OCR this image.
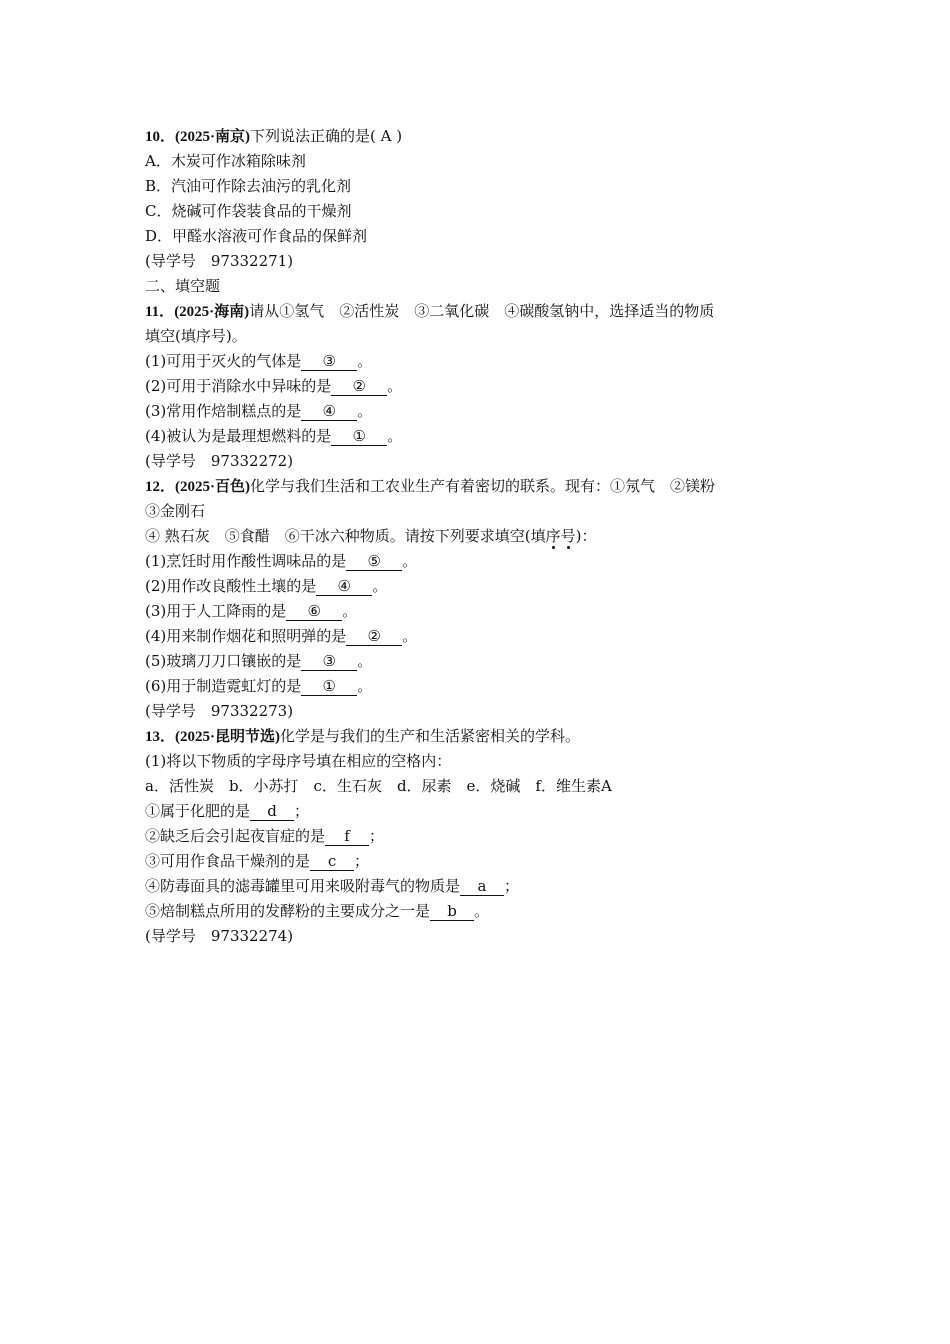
10．(2025·南京)下列说法正确的是( A )
A．木炭可作冰箱除味剂
B．汽油可作除去油污的乳化剂
C．烧碱可作袋装食品的干燥剂
D．甲醛水溶液可作食品的保鲜剂
(导学号　97332271)
二、填空题
11．(2025·海南)请从①氢气　②活性炭　③二氧化碳　④碳酸氢钠中，选择适当的物质
填空(填序号)。
(1)可用于灭火的气体是 ③ 。
(2)可用于消除水中异味的是 ② 。
(3)常用作焙制糕点的是 ④ 。
(4)被认为是最理想燃料的是 ① 。
(导学号　97332272)
12．(2025·百色)化学与我们生活和工农业生产有着密切的联系。现有：①氖气　②镁粉
③金刚石
④ 熟石灰　⑤食醋　⑥干冰六种物质。请按下列要求填空(填序号)：
(1)烹饪时用作酸性调味品的是 ⑤ 。
(2)用作改良酸性土壤的是 ④ 。
(3)用于人工降雨的是 ⑥ 。
(4)用来制作烟花和照明弹的是 ② 。
(5)玻璃刀刀口镶嵌的是 ③ 。
(6)用于制造霓虹灯的是 ① 。
(导学号　97332273)
13．(2025·昆明节选)化学是与我们的生产和生活紧密相关的学科。
(1)将以下物质的字母序号填在相应的空格内：
a．活性炭　b．小苏打　c．生石灰　d．尿素　e．烧碱　f．维生素A
①属于化肥的是 d ；
②缺乏后会引起夜盲症的是 f ；
③可用作食品干燥剂的是 c ；
④防毒面具的滤毒罐里可用来吸附毒气的物质是 a ；
⑤焙制糕点所用的发酵粉的主要成分之一是 b 。
(导学号　97332274)
